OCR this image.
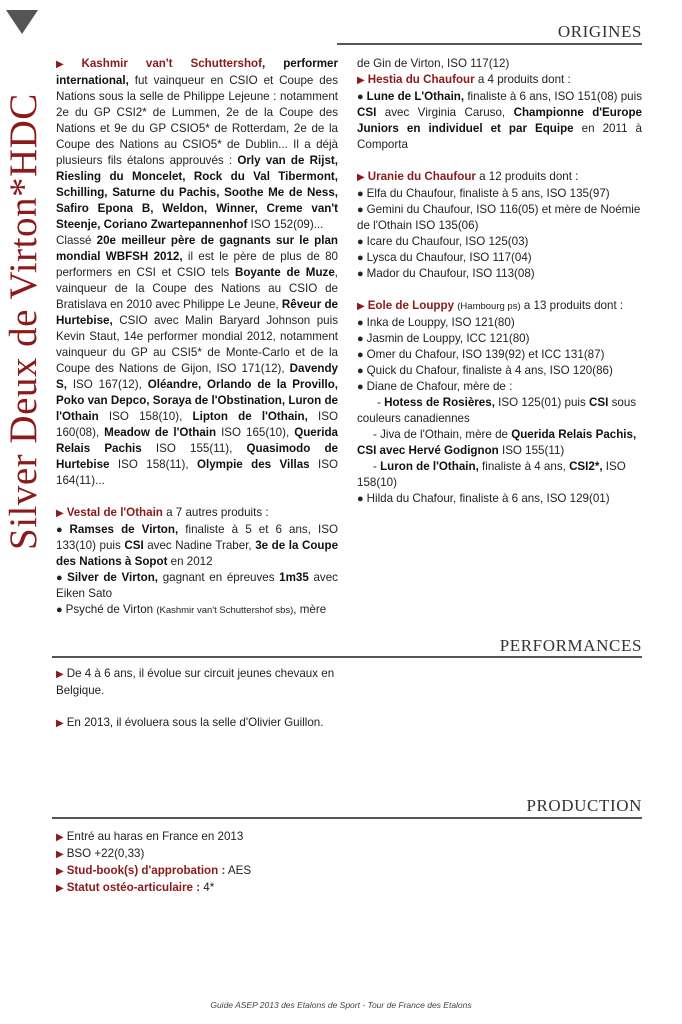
Silver Deux de Virton*HDC
ORIGINES

▶ Kashmir van't Schuttershof, performer international, fut vainqueur en CSIO et Coupe des Nations sous la selle de Philippe Lejeune : notamment 2e du GP CSI2* de Lummen, 2e de la Coupe des Nations et 9e du GP CSIO5* de Rotterdam, 2e de la Coupe des Nations au CSIO5* de Dublin... Il a déjà plusieurs fils étalons approuvés : Orly van de Rijst, Riesling du Moncelet, Rock du Val Tibermont, Schilling, Saturne du Pachis, Soothe Me de Ness, Safiro Epona B, Weldon, Winner, Creme van't Steenje, Coriano Zwartepannenhof ISO 152(09)...

Classé 20e meilleur père de gagnants sur le plan mondial WBFSH 2012, il est le père de plus de 80 performers en CSI et CSIO tels Boyante de Muze, vainqueur de la Coupe des Nations au CSIO de Bratislava en 2010 avec Philippe Le Jeune, Rêveur de Hurtebise, CSIO avec Malin Baryard Johnson puis Kevin Staut, 14e performer mondial 2012, notamment vainqueur du GP au CSI5* de Monte-Carlo et de la Coupe des Nations de Gijon, ISO 171(12), Davendy S, ISO 167(12), Oléandre, Orlando de la Provillo, Poko van Depco, Soraya de l'Obstination, Luron de l'Othain ISO 158(10), Lipton de l'Othain, ISO 160(08), Meadow de l'Othain ISO 165(10), Querida Relais Pachis ISO 155(11), Quasimodo de Hurtebise ISO 158(11), Olympie des Villas ISO 164(11)...

▶ Vestal de l'Othain a 7 autres produits :

● Ramses de Virton, finaliste à 5 et 6 ans, ISO 133(10) puis CSI avec Nadine Traber, 3e de la Coupe des Nations à Sopot en 2012

● Silver de Virton, gagnant en épreuves 1m35 avec Eiken Sato

● Psyché de Virton (Kashmir van't Schuttershof sbs), mère

de Gin de Virton, ISO 117(12)

▶ Hestia du Chaufour a 4 produits dont :

● Lune de L'Othain, finaliste à 6 ans, ISO 151(08) puis CSI avec Virginia Caruso, Championne d'Europe Juniors en individuel et par Equipe en 2011 à Comporta

▶ Uranie du Chaufour a 12 produits dont :

● Elfa du Chaufour, finaliste à 5 ans, ISO 135(97)

● Gemini du Chaufour, ISO 116(05) et mère de Noémie de l'Othain ISO 135(06)

● Icare du Chaufour, ISO 125(03)

● Lysca du Chaufour, ISO 117(04)

● Mador du Chaufour, ISO 113(08)

▶ Eole de Louppy (Hambourg ps) a 13 produits dont :

● Inka de Louppy, ISO 121(80)

● Jasmin de Louppy, ICC 121(80)

● Omer du Chafour, ISO 139(92) et ICC 131(87)

● Quick du Chafour, finaliste à 4 ans, ISO 120(86)

● Diane de Chafour, mère de :

- Hotess de Rosières, ISO 125(01) puis CSI sous couleurs canadiennes

- Jiva de l'Othain, mère de Querida Relais Pachis, CSI avec Hervé Godignon ISO 155(11)

- Luron de l'Othain, finaliste à 4 ans, CSI2*, ISO 158(10)

● Hilda du Chafour, finaliste à 6 ans, ISO 129(01)

PERFORMANCES

▶ De 4 à 6 ans, il évolue sur circuit jeunes chevaux en Belgique.

▶ En 2013, il évoluera sous la selle d'Olivier Guillon.

PRODUCTION

▶ Entré au haras en France en 2013

▶ BSO +22(0,33)

▶ Stud-book(s) d'approbation : AES

▶ Statut ostéo-articulaire : 4*

Guide ASEP 2013 des Etalons de Sport - Tour de France des Etalons
